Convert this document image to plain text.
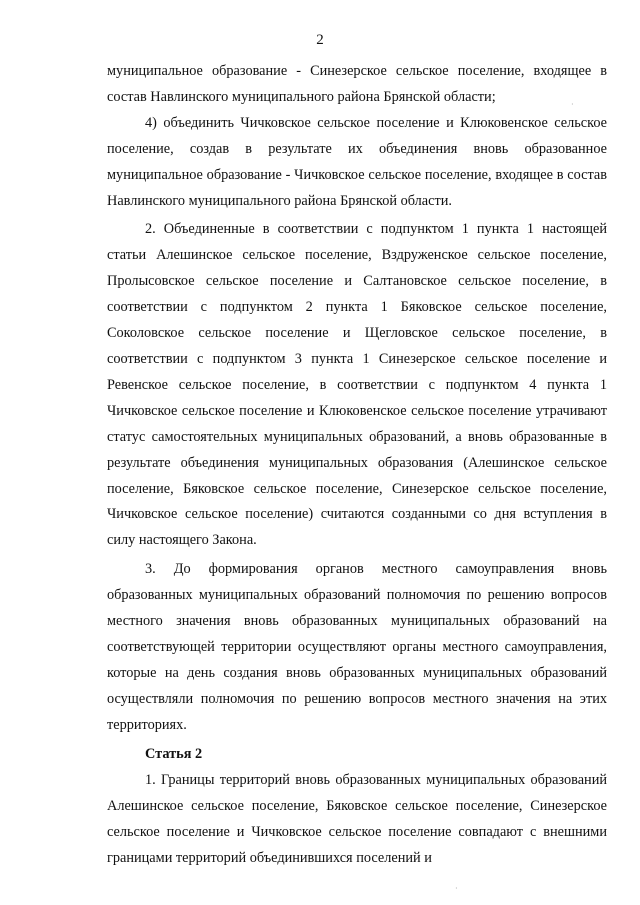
2

муниципальное образование - Синезерское сельское поселение, входящее в состав Навлинского муниципального района Брянской области;

4) объединить Чичковское сельское поселение и Клюковенское сельское поселение, создав в результате их объединения вновь образованное муниципальное образование - Чичковское сельское поселение, входящее в состав Навлинского муниципального района Брянской области.

2. Объединенные в соответствии с подпунктом 1 пункта 1 настоящей статьи Алешинское сельское поселение, Вздруженское сельское поселение, Пролысовское сельское поселение и Салтановское сельское поселение, в соответствии с подпунктом 2 пункта 1 Бяковское сельское поселение, Соколовское сельское поселение и Щегловское сельское поселение, в соответствии с подпунктом 3 пункта 1 Синезерское сельское поселение и Ревенское сельское поселение, в соответствии с подпунктом 4 пункта 1 Чичковское сельское поселение и Клюковенское сельское поселение утрачивают статус самостоятельных муниципальных образований, а вновь образованные в результате объединения муниципальных образования (Алешинское сельское поселение, Бяковское сельское поселение, Синезерское сельское поселение, Чичковское сельское поселение) считаются созданными со дня вступления в силу настоящего Закона.

3. До формирования органов местного самоуправления вновь образованных муниципальных образований полномочия по решению вопросов местного значения вновь образованных муниципальных образований на соответствующей территории осуществляют органы местного самоуправления, которые на день создания вновь образованных муниципальных образований осуществляли полномочия по решению вопросов местного значения на этих территориях.

Статья 2

1. Границы территорий вновь образованных муниципальных образований Алешинское сельское поселение, Бяковское сельское поселение, Синезерское сельское поселение и Чичковское сельское поселение совпадают с внешними границами территорий объединившихся поселений и

·
·
